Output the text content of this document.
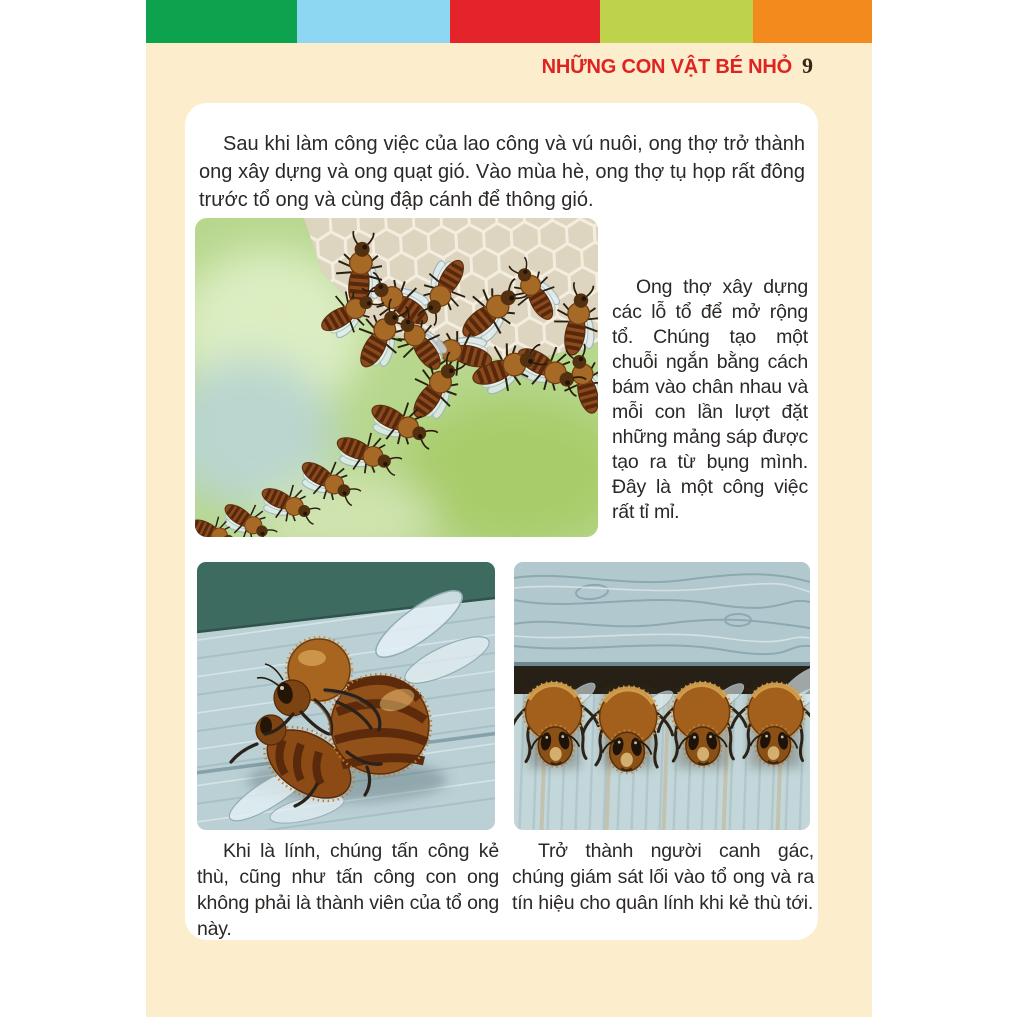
NHỮNG CON VẬT BÉ NHỎ 9

Sau khi làm công việc của lao công và vú nuôi, ong thợ trở thành ong xây dựng và ong quạt gió. Vào mùa hè, ong thợ tụ họp rất đông trước tổ ong và cùng đập cánh để thông gió.

Ong thợ xây dựng các lỗ tổ để mở rộng tổ. Chúng tạo một chuỗi ngắn bằng cách bám vào chân nhau và mỗi con lần lượt đặt những mảng sáp được tạo ra từ bụng mình. Đây là một công việc rất tỉ mỉ.

Khi là lính, chúng tấn công kẻ thù, cũng như tấn công con ong không phải là thành viên của tổ ong này.

Trở thành người canh gác, chúng giám sát lối vào tổ ong và ra tín hiệu cho quân lính khi kẻ thù tới.
